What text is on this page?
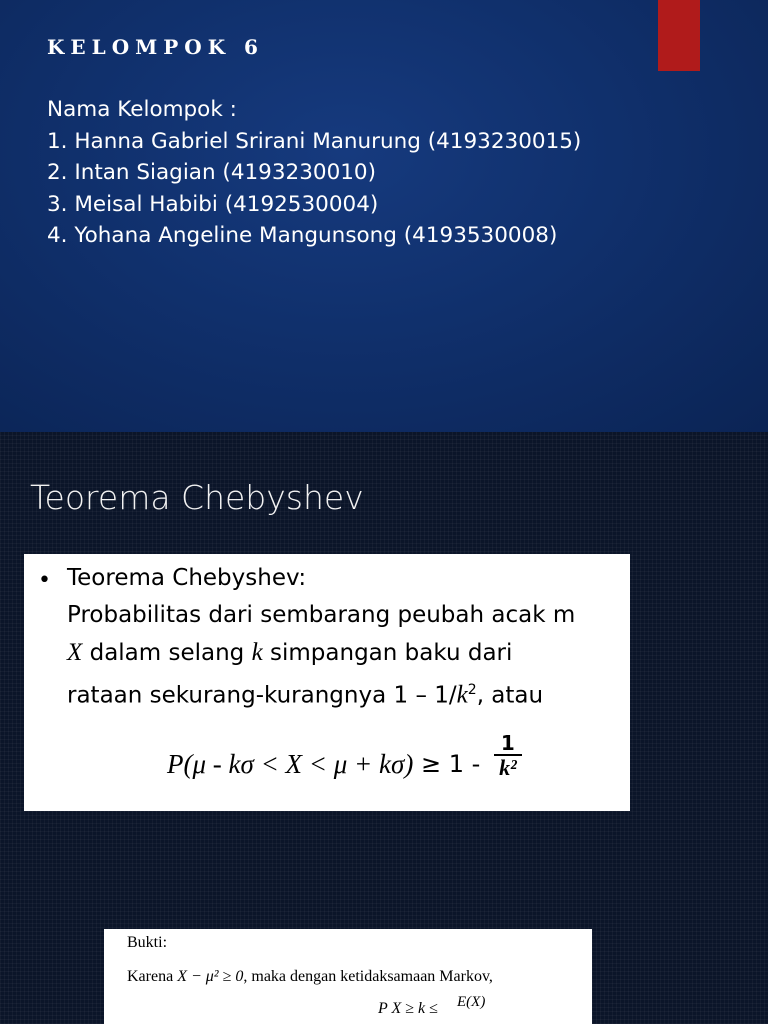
KELOMPOK 6
Nama Kelompok :
1. Hanna Gabriel Srirani Manurung (4193230015)
2. Intan Siagian (4193230010)
3. Meisal Habibi (4192530004)
4. Yohana Angeline Mangunsong (4193530008)
Teorema Chebyshev
• Teorema Chebyshev:
Probabilitas dari sembarang peubah acak m
X dalam selang k simpangan baku dari
rataan sekurang-kurangnya $1 - 1/k^2$, atau
$P(\mu - k\sigma < X < \mu + k\sigma) \ge 1 - \frac{1}{\text{k²}}$
Bukti:
Karena X − μ² ≥ 0, maka dengan ketidaksamaan Markov,
P X ≥ k ≤ E(X)
